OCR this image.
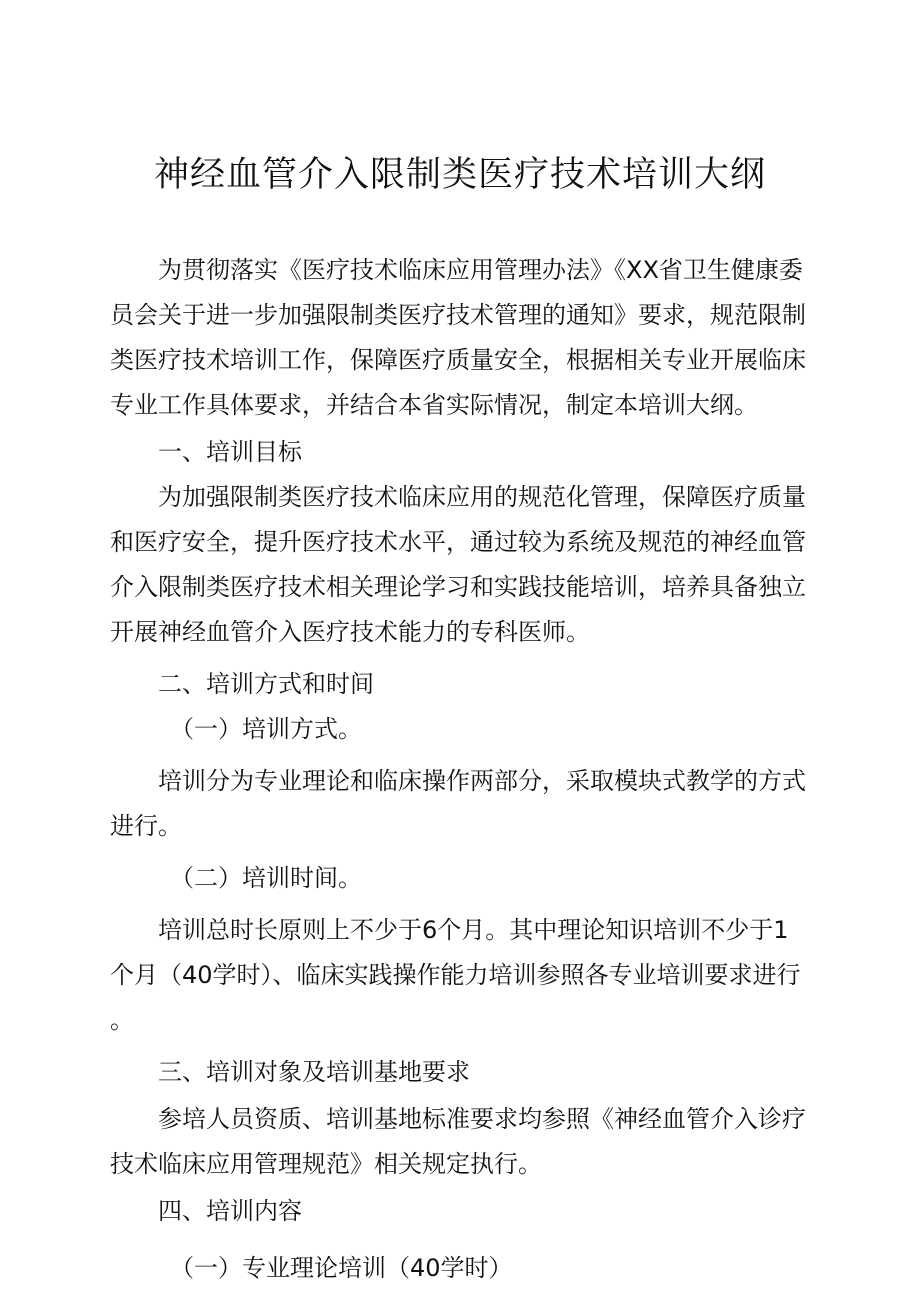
神经血管介入限制类医疗技术培训大纲

为贯彻落实《医疗技术临床应用管理办法》《XX省卫生健康委员会关于进一步加强限制类医疗技术管理的通知》要求，规范限制类医疗技术培训工作，保障医疗质量安全，根据相关专业开展临床专业工作具体要求，并结合本省实际情况，制定本培训大纲。

一、培训目标

为加强限制类医疗技术临床应用的规范化管理，保障医疗质量和医疗安全，提升医疗技术水平，通过较为系统及规范的神经血管介入限制类医疗技术相关理论学习和实践技能培训，培养具备独立开展神经血管介入医疗技术能力的专科医师。

二、培训方式和时间

（一）培训方式。

培训分为专业理论和临床操作两部分，采取模块式教学的方式进行。

（二）培训时间。

培训总时长原则上不少于6个月。其中理论知识培训不少于1个月（40学时）、临床实践操作能力培训参照各专业培训要求进行。

三、培训对象及培训基地要求

参培人员资质、培训基地标准要求均参照《神经血管介入诊疗技术临床应用管理规范》相关规定执行。

四、培训内容

（一）专业理论培训（40学时）
